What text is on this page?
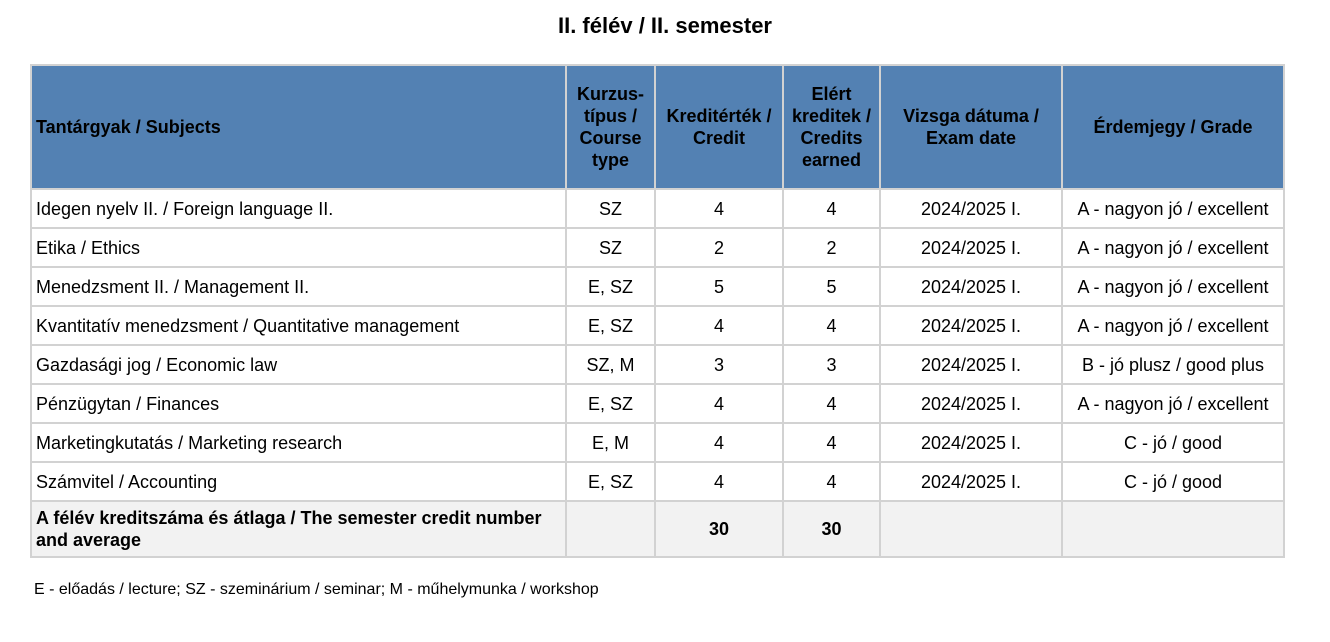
II. félév / II. semester
Tantárgyak / Subjects	Kurzus-típus / Course type	Kreditérték / Credit	Elért kreditek / Credits earned	Vizsga dátuma / Exam date	Érdemjegy / Grade
Idegen nyelv II. / Foreign language II.	SZ	4	4	2024/2025 I.	A - nagyon jó / excellent
Etika / Ethics	SZ	2	2	2024/2025 I.	A - nagyon jó / excellent
Menedzsment II. / Management II.	E, SZ	5	5	2024/2025 I.	A - nagyon jó / excellent
Kvantitatív menedzsment / Quantitative management	E, SZ	4	4	2024/2025 I.	A - nagyon jó / excellent
Gazdasági jog / Economic law	SZ, M	3	3	2024/2025 I.	B - jó plusz / good plus
Pénzügytan / Finances	E, SZ	4	4	2024/2025 I.	A - nagyon jó / excellent
Marketingkutatás / Marketing research	E, M	4	4	2024/2025 I.	C - jó / good
Számvitel / Accounting	E, SZ	4	4	2024/2025 I.	C - jó / good
A félév kreditszáma és átlaga / The semester credit number and average		30	30		
E - előadás / lecture; SZ - szeminárium / seminar; M - műhelymunka / workshop
